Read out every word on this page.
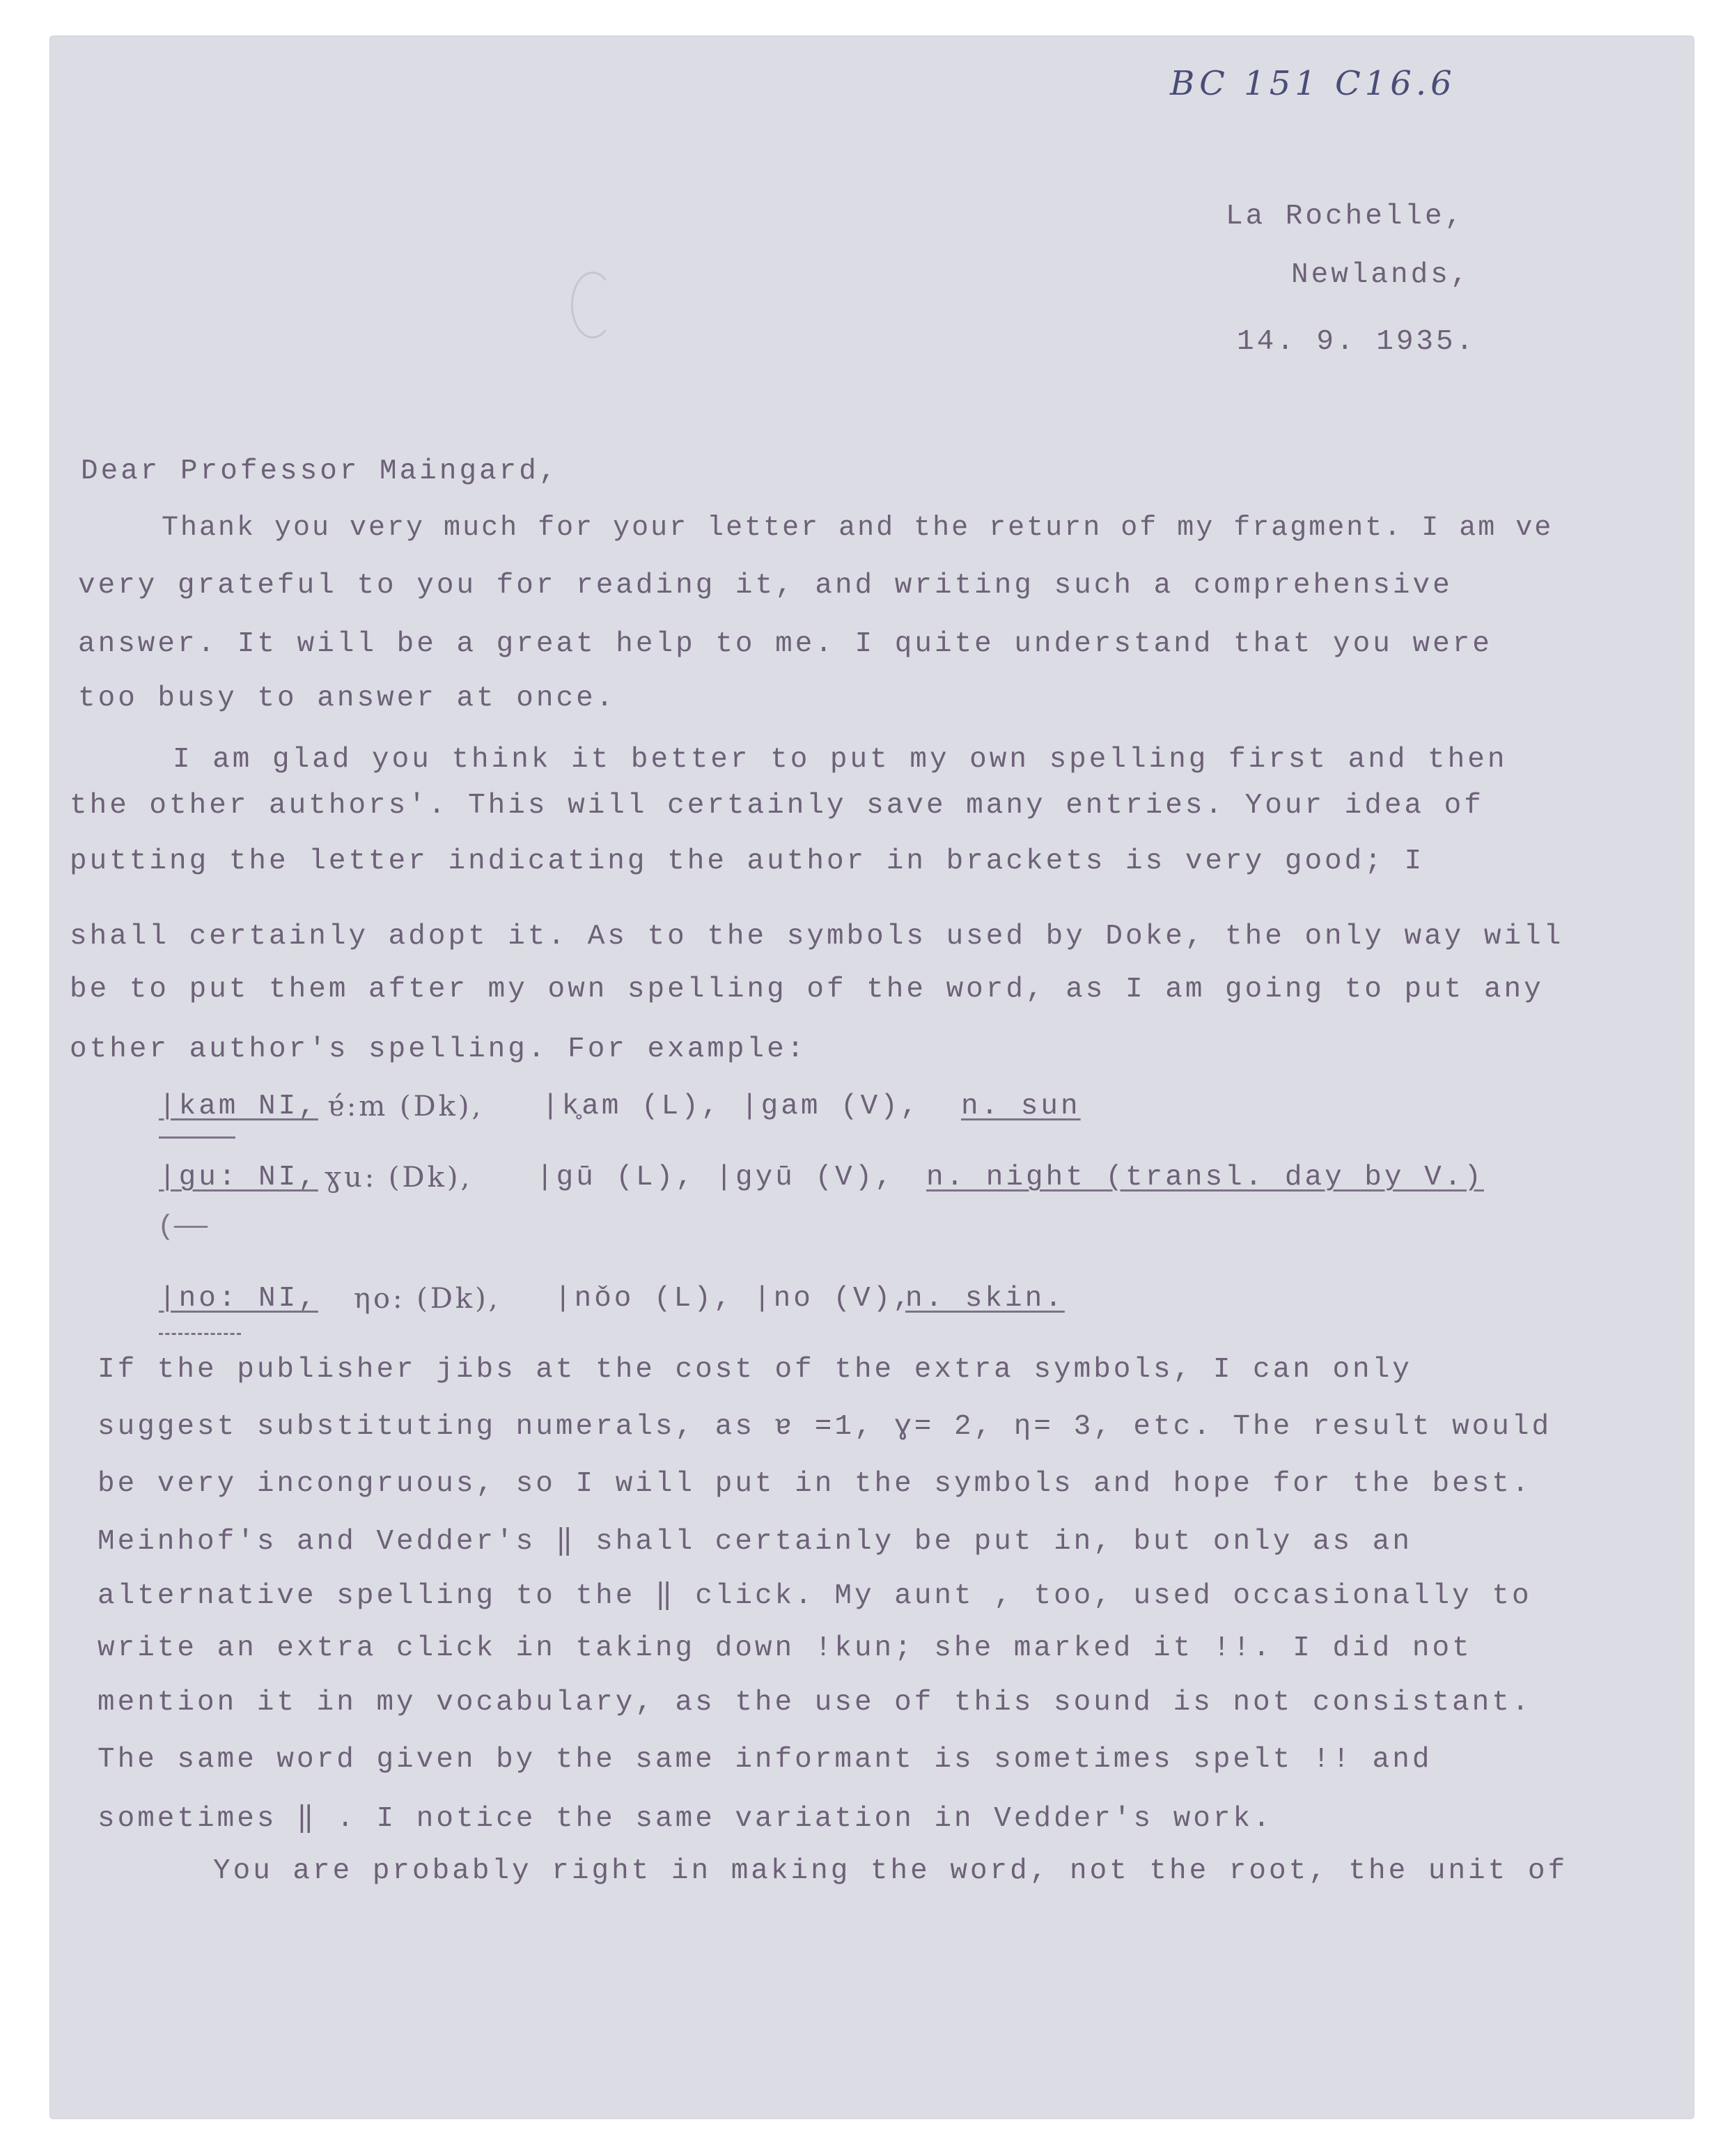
BC 151 C16.6
La Rochelle,
Newlands,
14. 9. 1935.
Dear Professor Maingard,
Thank you very much for your letter and the return of my fragment. I am ve
very grateful to you for reading it, and writing such a comprehensive
answer. It will be a great help to me. I quite understand that you were
too busy to answer at once.
I am glad you think it better to put my own spelling first and then
the other authors'. This will certainly save many entries. Your idea of
putting the letter indicating the author in brackets is very good; I
shall certainly adopt it. As to the symbols used by Doke, the only way will
be to put them after my own spelling of the word, as I am going to put any
other author's spelling. For example:
|kam NI, ɐ́:m (Dk), |k̥am (L), |gam (V), n. sun
|gu: NI, ɣu: (Dk), |gū (L), |gyū (V), n. night (transl. day by V.)
(――
|no: NI, ηo: (Dk), |nǒo (L), |no (V),
n. skin.
If the publisher jibs at the cost of the extra symbols, I can only
suggest substituting numerals, as ɐ =1, ɣ= 2, η= 3, etc. The result would
be very incongruous, so I will put in the symbols and hope for the best.
Meinhof's and Vedder's ‖ shall certainly be put in, but only as an
alternative spelling to the ‖ click. My aunt , too, used occasionally to
write an extra click in taking down !kun; she marked it !!. I did not
mention it in my vocabulary, as the use of this sound is not consistant.
The same word given by the same informant is sometimes spelt !! and
sometimes ‖ . I notice the same variation in Vedder's work.
You are probably right in making the word, not the root, the unit of
